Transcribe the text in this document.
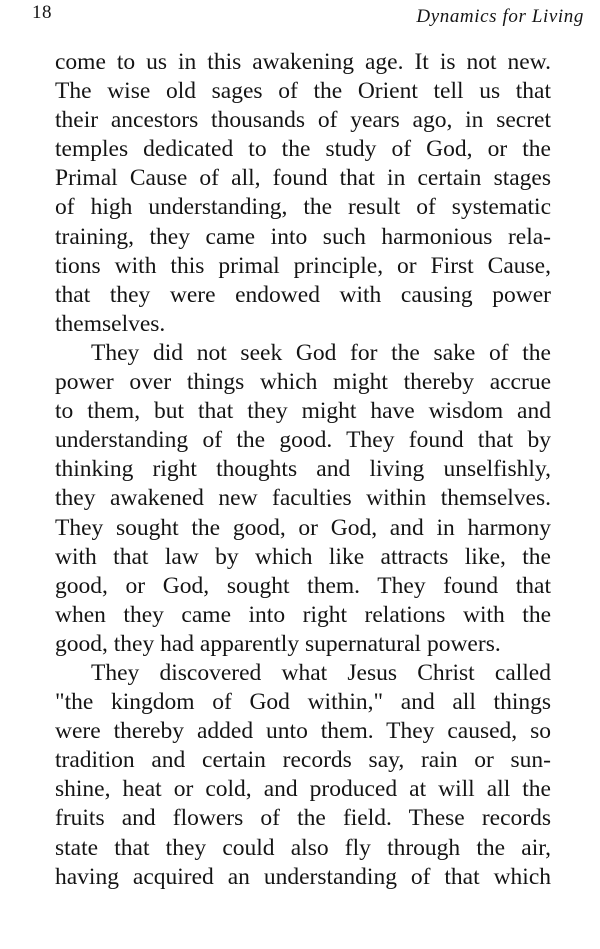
18	Dynamics for Living
come to us in this awakening age. It is not new.
The wise old sages of the Orient tell us that
their ancestors thousands of years ago, in secret
temples dedicated to the study of God, or the
Primal Cause of all, found that in certain stages
of high understanding, the result of systematic
training, they came into such harmonious rela-
tions with this primal principle, or First Cause,
that they were endowed with causing power
themselves.
They did not seek God for the sake of the
power over things which might thereby accrue
to them, but that they might have wisdom and
understanding of the good. They found that by
thinking right thoughts and living unselfishly,
they awakened new faculties within themselves.
They sought the good, or God, and in harmony
with that law by which like attracts like, the
good, or God, sought them. They found that
when they came into right relations with the
good, they had apparently supernatural powers.
They discovered what Jesus Christ called
"the kingdom of God within," and all things
were thereby added unto them. They caused, so
tradition and certain records say, rain or sun-
shine, heat or cold, and produced at will all the
fruits and flowers of the field. These records
state that they could also fly through the air,
having acquired an understanding of that which
